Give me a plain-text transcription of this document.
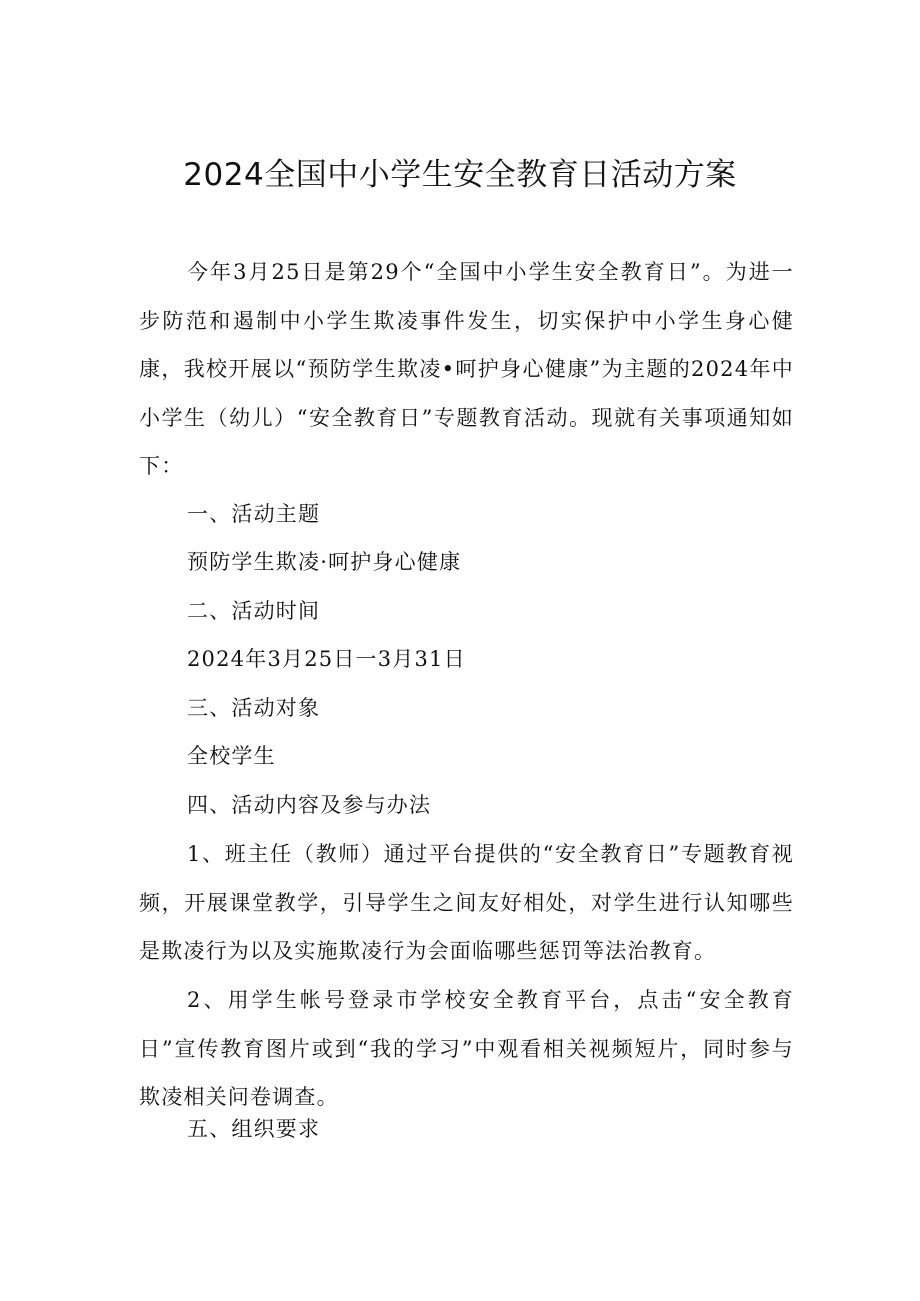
2024全国中小学生安全教育日活动方案

今年3月25日是第29个“全国中小学生安全教育日”。为进一步防范和遏制中小学生欺凌事件发生，切实保护中小学生身心健康，我校开展以“预防学生欺凌•呵护身心健康”为主题的2024年中小学生（幼儿）“安全教育日”专题教育活动。现就有关事项通知如下：

一、活动主题
预防学生欺凌·呵护身心健康
二、活动时间
2024年3月25日一3月31日
三、活动对象
全校学生
四、活动内容及参与办法

1、班主任（教师）通过平台提供的“安全教育日”专题教育视频，开展课堂教学，引导学生之间友好相处，对学生进行认知哪些是欺凌行为以及实施欺凌行为会面临哪些惩罚等法治教育。

2、用学生帐号登录市学校安全教育平台，点击“安全教育日”宣传教育图片或到“我的学习”中观看相关视频短片，同时参与欺凌相关问卷调查。

五、组织要求
